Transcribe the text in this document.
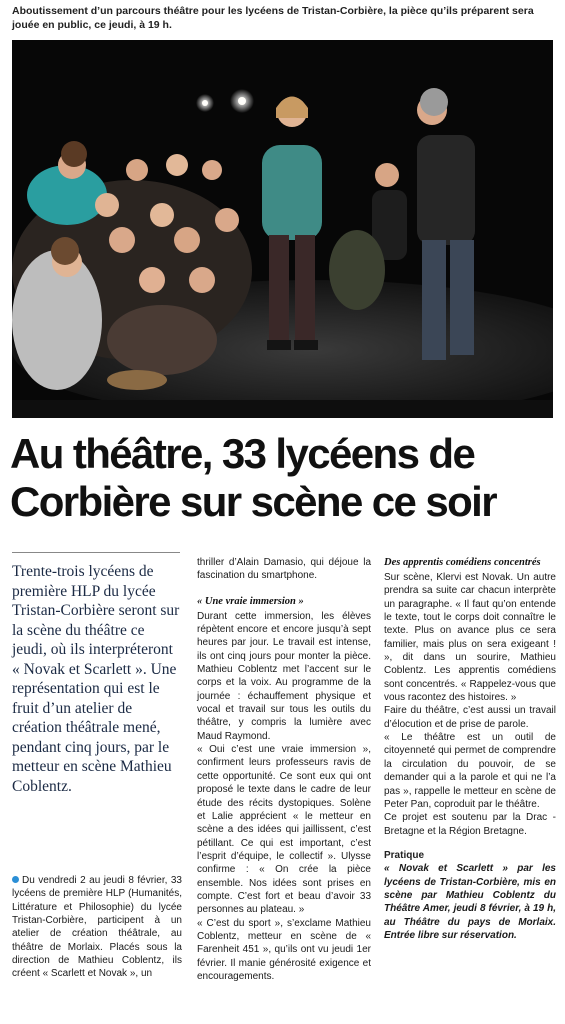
Aboutissement d’un parcours théâtre pour les lycéens de Tristan-Corbière, la pièce qu’ils préparent sera jouée en public, ce jeudi, à 19 h.
Au théâtre, 33 lycéens de Corbière sur scène ce soir
Trente-trois lycéens de première HLP du lycée Tristan-Corbière seront sur la scène du théâtre ce jeudi, où ils interpréteront « Novak et Scarlett ». Une représentation qui est le fruit d’un atelier de création théâtrale mené, pendant cinq jours, par le metteur en scène Mathieu Coblentz.

Du vendredi 2 au jeudi 8 février, 33 lycéens de première HLP (Humanités, Littérature et Philosophie) du lycée Tristan-Corbière, participent à un atelier de création théâtrale, au théâtre de Morlaix. Placés sous la direction de Mathieu Coblentz, ils créent « Scarlett et Novak », un

thriller d’Alain Damasio, qui déjoue la fascination du smartphone.

« Une vraie immersion »

Durant cette immersion, les élèves répètent encore et encore jusqu’à sept heures par jour. Le travail est intense, ils ont cinq jours pour monter la pièce. Mathieu Coblentz met l’accent sur le corps et la voix. Au programme de la journée : échauffement physique et vocal et travail sur tous les outils du théâtre, y compris la lumière avec Maud Raymond.

« Oui c’est une vraie immersion », confirment leurs professeurs ravis de cette opportunité. Ce sont eux qui ont proposé le texte dans le cadre de leur étude des récits dystopiques. Solène et Lalie apprécient « le metteur en scène a des idées qui jaillissent, c’est pétillant. Ce qui est important, c’est l’esprit d’équipe, le collectif ». Ulysse confirme : « On crée la pièce ensemble. Nos idées sont prises en compte. C’est fort et beau d’avoir 33 personnes au plateau. »

« C’est du sport », s’exclame Mathieu Coblentz, metteur en scène de « Farenheit 451 », qu’ils ont vu jeudi 1er février. Il manie générosité exigence et encouragements.

Des apprentis comédiens concentrés

Sur scène, Klervi est Novak. Un autre prendra sa suite car chacun interprète un paragraphe. « Il faut qu’on entende le texte, tout le corps doit connaître le texte. Plus on avance plus ce sera familier, mais plus on sera exigeant ! », dit dans un sourire, Mathieu Coblentz. Les apprentis comédiens sont concentrés. « Rappelez-vous que vous racontez des histoires. »

Faire du théâtre, c’est aussi un travail d’élocution et de prise de parole.

« Le théâtre est un outil de citoyenneté qui permet de comprendre la circulation du pouvoir, de se demander qui a la parole et qui ne l’a pas », rappelle le metteur en scène de Peter Pan, coproduit par le théâtre.

Ce projet est soutenu par la Drac - Bretagne et la Région Bretagne.

Pratique

« Novak et Scarlett » par les lycéens de Tristan-Corbière, mis en scène par Mathieu Coblentz du Théâtre Amer, jeudi 8 février, à 19 h, au Théâtre du pays de Morlaix. Entrée libre sur réservation.
